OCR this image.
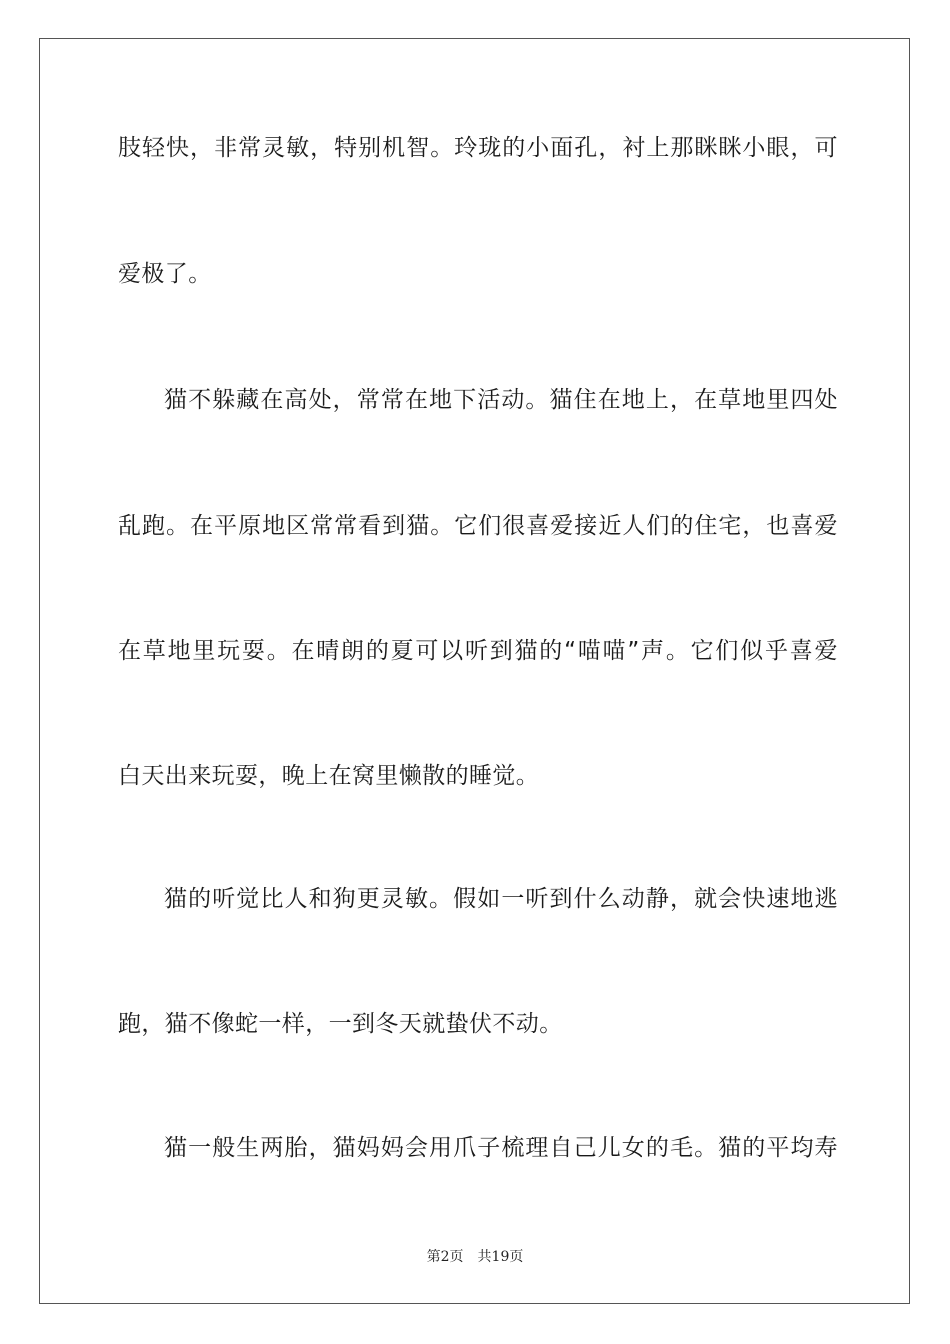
肢 轻 快 ， 非 常 灵 敏 ， 特 别 机 智 。 玲 珑 的 小 面 孔 ， 衬 上 那 眯 眯 小 眼 ， 可
爱极了。
猫 不 躲 藏 在 高 处 ， 常 常 在 地 下 活 动 。 猫 住 在 地 上 ， 在 草 地 里 四 处
乱 跑 。 在 平 原 地 区 常 常 看 到 猫 。 它 们 很 喜 爱 接 近 人 们 的 住 宅 ， 也 喜 爱
在 草 地 里 玩 耍 。 在 晴 朗 的 夏 可 以 听 到 猫 的 “ 喵 喵 ” 声 。 它 们 似 乎 喜 爱
白天出来玩耍，晚上在窝里懒散的睡觉。
猫 的 听 觉 比 人 和 狗 更 灵 敏 。 假 如 一 听 到 什 么 动 静 ， 就 会 快 速 地 逃
跑，猫不像蛇一样，一到冬天就蛰伏不动。
猫 一 般 生 两 胎 ， 猫 妈 妈 会 用 爪 子 梳 理 自 己 儿 女 的 毛 。 猫 的 平 均 寿
第2页 共19页
